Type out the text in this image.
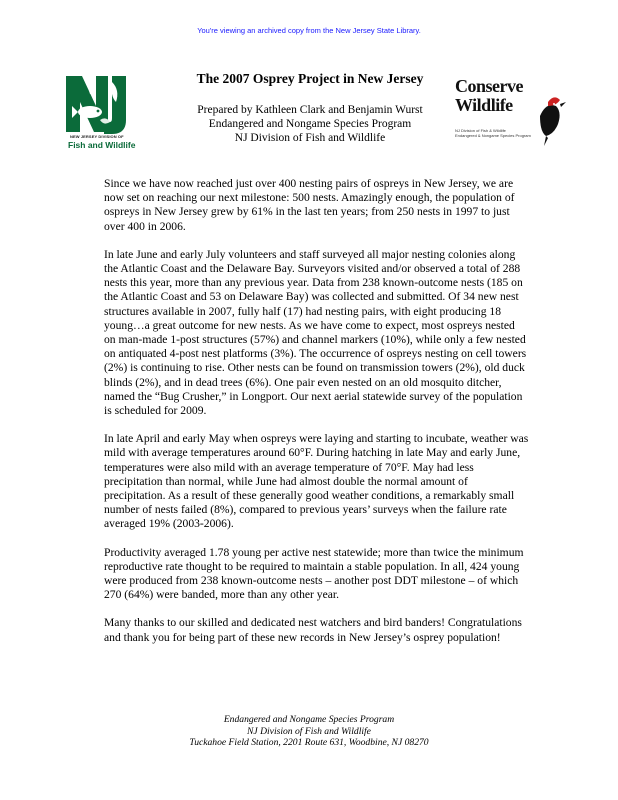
You're viewing an archived copy from the New Jersey State Library.
NEW JERSEY DIVISION OF
Fish and Wildlife
The 2007 Osprey Project in New Jersey
Prepared by Kathleen Clark and Benjamin Wurst
Endangered and Nongame Species Program
NJ Division of Fish and Wildlife
Conserve
Wildlife
NJ Division of Fish & Wildlife
Endangered & Nongame Species Program

Since we have now reached just over 400 nesting pairs of ospreys in New Jersey, we are now set on reaching our next milestone: 500 nests. Amazingly enough, the population of ospreys in New Jersey grew by 61% in the last ten years; from 250 nests in 1997 to just over 400 in 2006.

In late June and early July volunteers and staff surveyed all major nesting colonies along the Atlantic Coast and the Delaware Bay. Surveyors visited and/or observed a total of 288 nests this year, more than any previous year. Data from 238 known-outcome nests (185 on the Atlantic Coast and 53 on Delaware Bay) was collected and submitted. Of 34 new nest structures available in 2007, fully half (17) had nesting pairs, with eight producing 18 young…a great outcome for new nests. As we have come to expect, most ospreys nested on man-made 1-post structures (57%) and channel markers (10%), while only a few nested on antiquated 4-post nest platforms (3%). The occurrence of ospreys nesting on cell towers (2%) is continuing to rise. Other nests can be found on transmission towers (2%), old duck blinds (2%), and in dead trees (6%). One pair even nested on an old mosquito ditcher, named the “Bug Crusher,” in Longport. Our next aerial statewide survey of the population is scheduled for 2009.

In late April and early May when ospreys were laying and starting to incubate, weather was mild with average temperatures around 60°F. During hatching in late May and early June, temperatures were also mild with an average temperature of 70°F. May had less precipitation than normal, while June had almost double the normal amount of precipitation. As a result of these generally good weather conditions, a remarkably small number of nests failed (8%), compared to previous years’ surveys when the failure rate averaged 19% (2003-2006).

Productivity averaged 1.78 young per active nest statewide; more than twice the minimum reproductive rate thought to be required to maintain a stable population. In all, 424 young were produced from 238 known-outcome nests – another post DDT milestone – of which 270 (64%) were banded, more than any other year.

Many thanks to our skilled and dedicated nest watchers and bird banders! Congratulations and thank you for being part of these new records in New Jersey’s osprey population!

Endangered and Nongame Species Program
NJ Division of Fish and Wildlife
Tuckahoe Field Station, 2201 Route 631, Woodbine, NJ 08270
